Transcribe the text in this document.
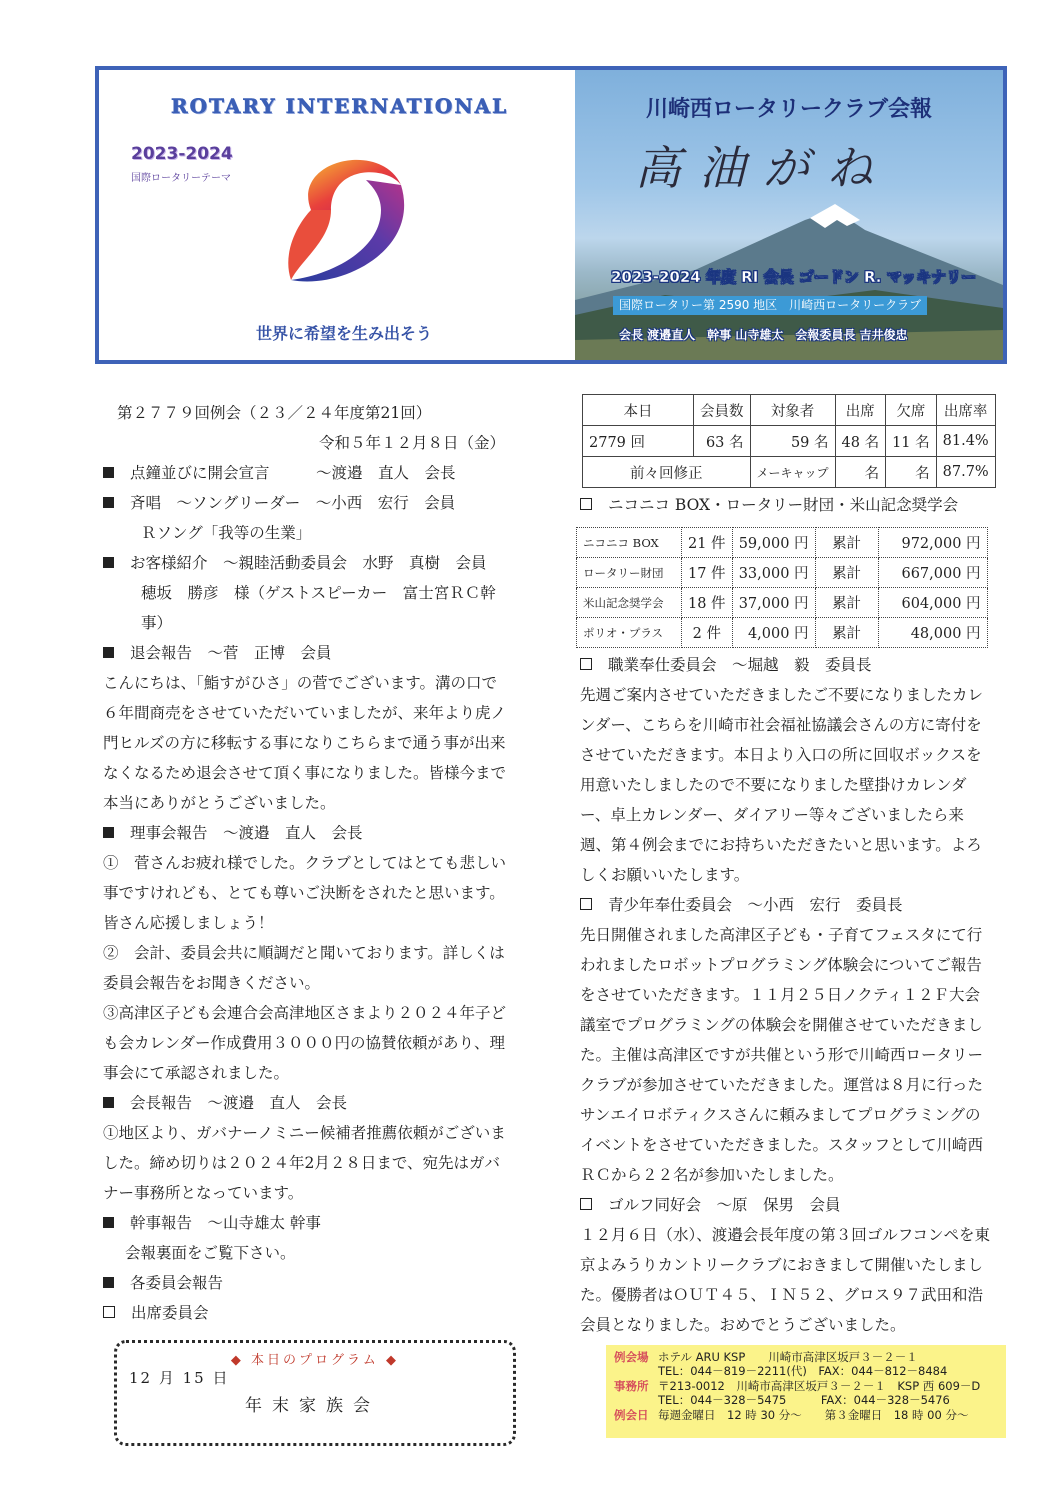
ROTARY INTERNATIONAL
2023-2024
国際ロータリーテーマ
世界に希望を生み出そう
川崎西ロータリークラブ会報
高油がね
2023-2024 年度 RI 会長 ゴードン R. マッキナリー
国際ロータリー第 2590 地区　川崎西ロータリークラブ
会長 渡邉直人　幹事 山寺雄太　会報委員長 吉井俊忠
第２７７９回例会（２３／２４年度第21回）
令和５年１２月８日（金）
点鐘並びに開会宣言　　　～渡邉　直人　会長
斉唱　～ソングリーダー　～小西　宏行　会員
Ｒソング「我等の生業」
お客様紹介　～親睦活動委員会　水野　真樹　会員
穂坂　勝彦　様（ゲストスピーカー　富士宮ＲＣ幹
事）
退会報告　～菅　正博　会員
こんにちは、「鮨すがひさ」の菅でございます。溝の口で
６年間商売をさせていただいていましたが、来年より虎ノ
門ヒルズの方に移転する事になりこちらまで通う事が出来
なくなるため退会させて頂く事になりました。皆様今まで
本当にありがとうございました。
理事会報告　～渡邉　直人　会長
①　菅さんお疲れ様でした。クラブとしてはとても悲しい
事ですけれども、とても尊いご決断をされたと思います。
皆さん応援しましょう！
②　会計、委員会共に順調だと聞いております。詳しくは
委員会報告をお聞きください。
③高津区子ども会連合会高津地区さまより２０２４年子ど
も会カレンダー作成費用３０００円の協賛依頼があり、理
事会にて承認されました。
会長報告　～渡邉　直人　会長
①地区より、ガバナーノミニー候補者推薦依頼がございま
した。締め切りは２０２４年2月２８日まで、宛先はガバ
ナー事務所となっています。
幹事報告　～山寺雄太 幹事
会報裏面をご覧下さい。
各委員会報告
出席委員会
本日	会員数	対象者	出席	欠席	出席率
2779 回	63 名	59 名	48 名	11 名	81.4%
前々回修正		メーキャップ	名	名	87.7%
ニコニコ BOX・ロータリー財団・米山記念奨学会
ニコニコ BOX	21 件	59,000 円	累計	972,000 円
ロータリー財団	17 件	33,000 円	累計	667,000 円
米山記念奨学会	18 件	37,000 円	累計	604,000 円
ポリオ・プラス	2 件	4,000 円	累計	48,000 円
職業奉仕委員会　～堀越　毅　委員長
先週ご案内させていただきましたご不要になりましたカレ
ンダー、こちらを川崎市社会福祉協議会さんの方に寄付を
させていただきます。本日より入口の所に回収ボックスを
用意いたしましたので不要になりました壁掛けカレンダ
ー、卓上カレンダー、ダイアリー等々ございましたら来
週、第４例会までにお持ちいただきたいと思います。よろ
しくお願いいたします。
青少年奉仕委員会　～小西　宏行　委員長
先日開催されました高津区子ども・子育てフェスタにて行
われましたロボットプログラミング体験会についてご報告
をさせていただきます。１１月２５日ノクティ１２Ｆ大会
議室でプログラミングの体験会を開催させていただきまし
た。主催は高津区ですが共催という形で川崎西ロータリー
クラブが参加させていただきました。運営は８月に行った
サンエイロボティクスさんに頼みましてプログラミングの
イベントをさせていただきました。スタッフとして川崎西
ＲＣから２２名が参加いたしました。
ゴルフ同好会　～原　保男　会員
１２月６日（水）、渡邉会長年度の第３回ゴルフコンペを東
京よみうりカントリークラブにおきまして開催いたしまし
た。優勝者はＯＵＴ４５、ＩＮ５２、グロス９７武田和浩
会員となりました。おめでとうございました。
◆ 本日のプログラム ◆
12 月 15 日
年末家族会
例会場 ホテル ARU KSP　　川崎市高津区坂戸３－２－１
TEL：044－819－2211(代)　FAX：044－812－8484
事務所 〒213-0012　川崎市高津区坂戸３－２－１　KSP 西 609－D
TEL：044－328－5475　　　FAX：044－328－5476
例会日 毎週金曜日　12 時 30 分～　　第３金曜日　18 時 00 分～
